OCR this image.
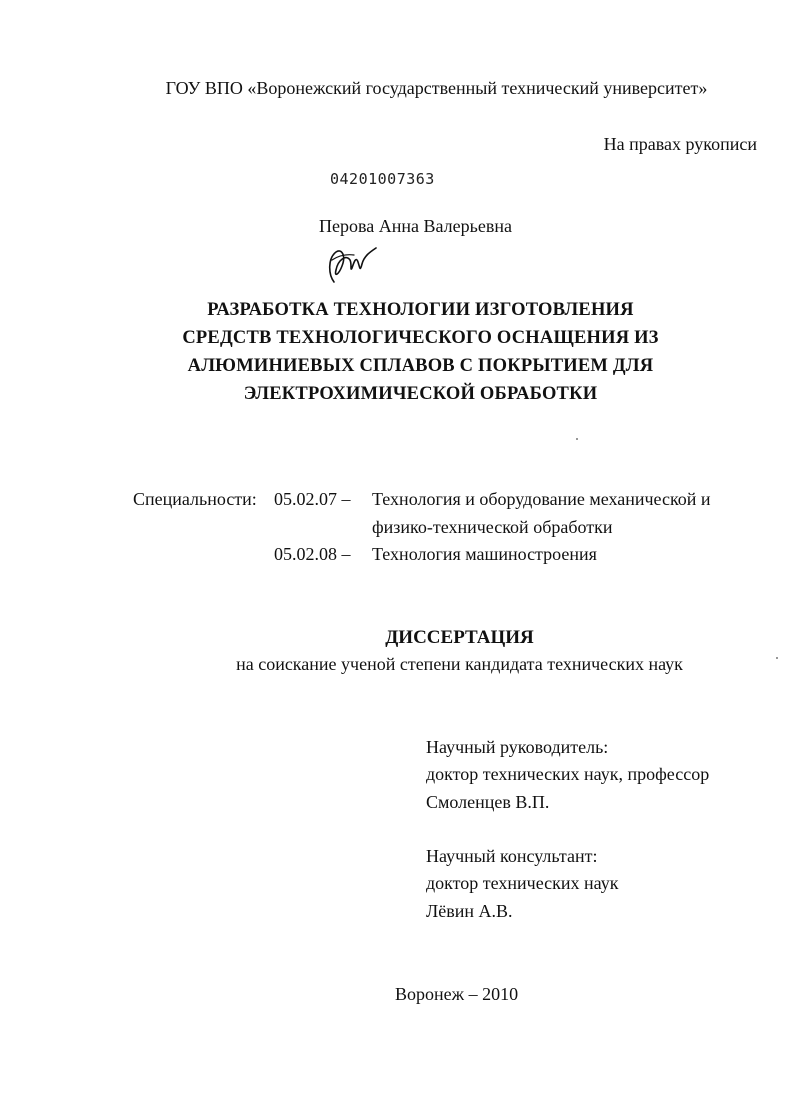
ГОУ ВПО «Воронежский государственный технический университет»
На правах рукописи
04201007363
Перова Анна Валерьевна
РАЗРАБОТКА ТЕХНОЛОГИИ ИЗГОТОВЛЕНИЯ
СРЕДСТВ ТЕХНОЛОГИЧЕСКОГО ОСНАЩЕНИЯ ИЗ
АЛЮМИНИЕВЫХ СПЛАВОВ С ПОКРЫТИЕМ ДЛЯ
ЭЛЕКТРОХИМИЧЕСКОЙ ОБРАБОТКИ
Специальности: 05.02.07 – Технология и оборудование механической и
физико-технической обработки
05.02.08 – Технология машиностроения
ДИССЕРТАЦИЯ
на соискание ученой степени кандидата технических наук
Научный руководитель:
доктор технических наук, профессор
Смоленцев В.П.
Научный консультант:
доктор технических наук
Лёвин А.В.
Воронеж – 2010
